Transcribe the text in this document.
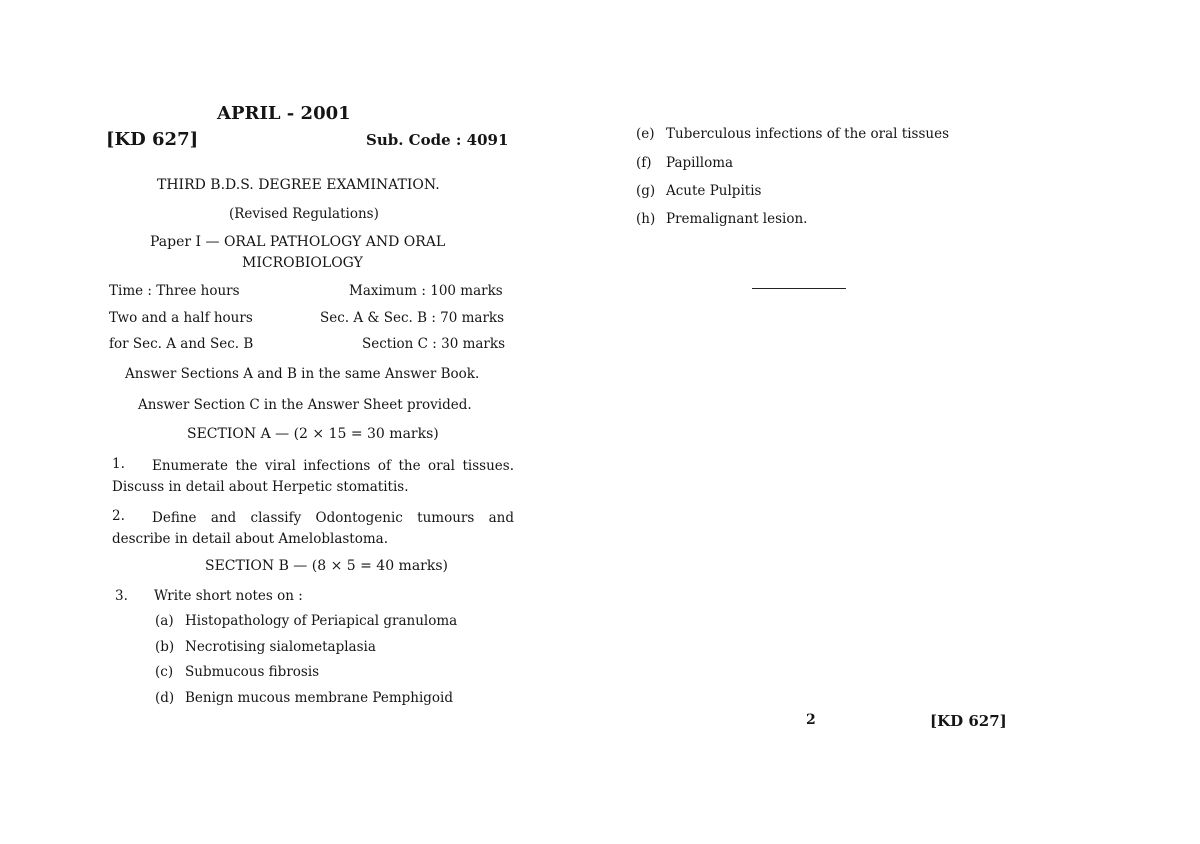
APRIL - 2001
[KD 627]	Sub. Code : 4091
THIRD B.D.S. DEGREE EXAMINATION.
(Revised Regulations)
Paper I — ORAL PATHOLOGY AND ORAL
MICROBIOLOGY
Time : Three hours	Maximum : 100 marks
Two and a half hours	Sec. A & Sec. B : 70 marks
for Sec. A and Sec. B	Section C : 30 marks
Answer Sections A and B in the same Answer Book.
Answer Section C in the Answer Sheet provided.
SECTION A — (2 × 15 = 30 marks)
1.	Enumerate the viral infections of the oral tissues. Discuss in detail about Herpetic stomatitis.
2.	Define and classify Odontogenic tumours and describe in detail about Ameloblastoma.
SECTION B — (8 × 5 = 40 marks)
3. Write short notes on :
(a) Histopathology of Periapical granuloma
(b) Necrotising sialometaplasia
(c) Submucous fibrosis
(d) Benign mucous membrane Pemphigoid
(e) Tuberculous infections of the oral tissues
(f) Papilloma
(g) Acute Pulpitis
(h) Premalignant lesion.
2	[KD 627]
